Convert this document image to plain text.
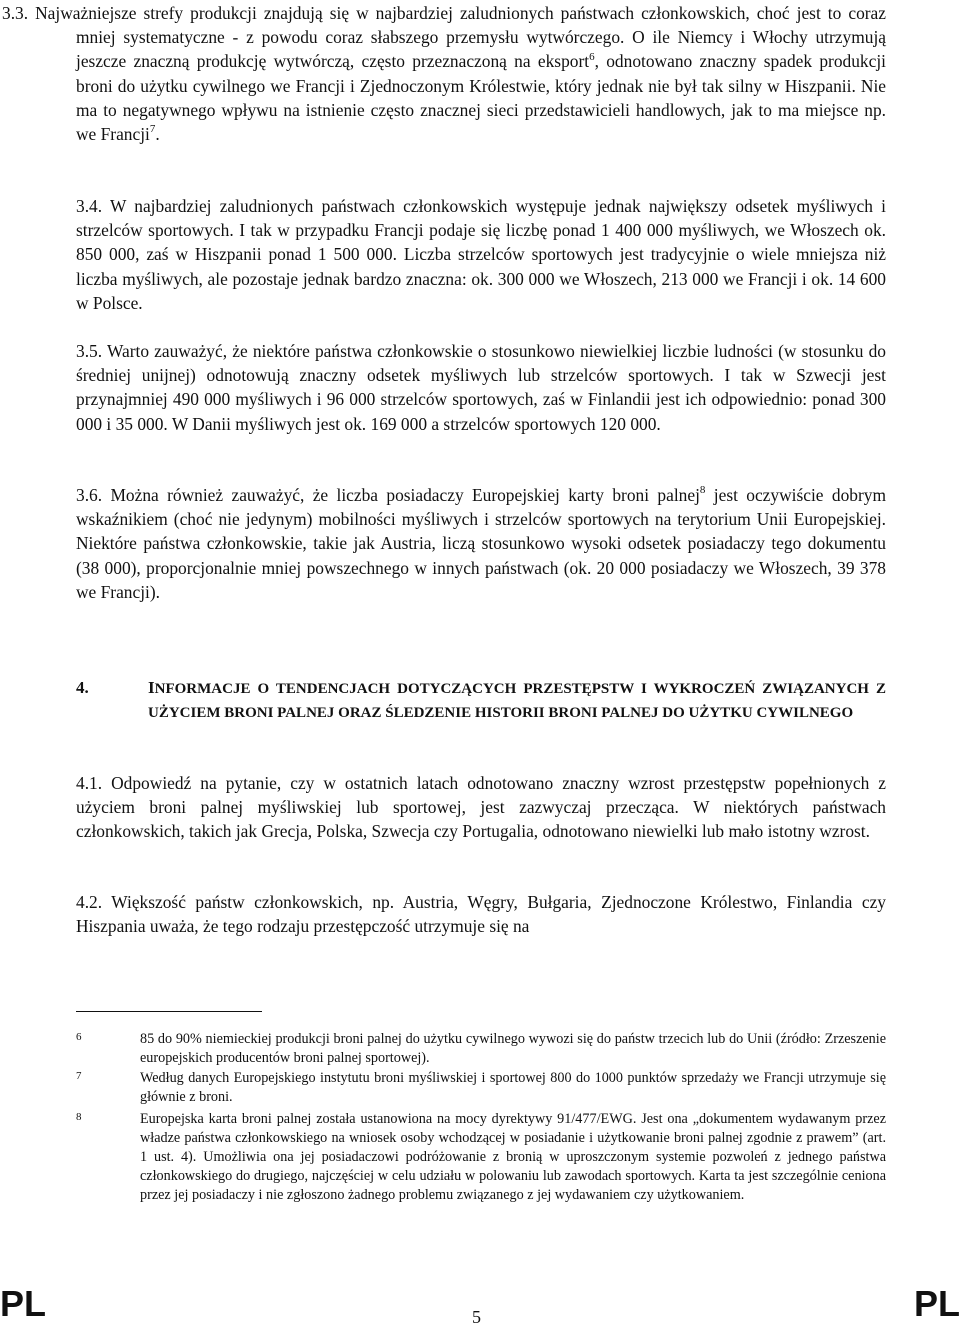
3.3. Najważniejsze strefy produkcji znajdują się w najbardziej zaludnionych państwach członkowskich, choć jest to coraz mniej systematyczne - z powodu coraz słabszego przemysłu wytwórczego. O ile Niemcy i Włochy utrzymują jeszcze znaczną produkcję wytwórczą, często przeznaczoną na eksport$^6$, odnotowano znaczny spadek produkcji broni do użytku cywilnego we Francji i Zjednoczonym Królestwie, który jednak nie był tak silny w Hiszpanii. Nie ma to negatywnego wpływu na istnienie często znacznej sieci przedstawicieli handlowych, jak to ma miejsce np. we Francji$^7$.

3.4. W najbardziej zaludnionych państwach członkowskich występuje jednak największy odsetek myśliwych i strzelców sportowych. I tak w przypadku Francji podaje się liczbę ponad 1 400 000 myśliwych, we Włoszech ok. 850 000, zaś w Hiszpanii ponad 1 500 000. Liczba strzelców sportowych jest tradycyjnie o wiele mniejsza niż liczba myśliwych, ale pozostaje jednak bardzo znaczna: ok. 300 000 we Włoszech, 213 000 we Francji i ok. 14 600 w Polsce.

3.5. Warto zauważyć, że niektóre państwa członkowskie o stosunkowo niewielkiej liczbie ludności (w stosunku do średniej unijnej) odnotowują znaczny odsetek myśliwych lub strzelców sportowych. I tak w Szwecji jest przynajmniej 490 000 myśliwych i 96 000 strzelców sportowych, zaś w Finlandii jest ich odpowiednio: ponad 300 000 i 35 000. W Danii myśliwych jest ok. 169 000 a strzelców sportowych 120 000.

3.6. Można również zauważyć, że liczba posiadaczy Europejskiej karty broni palnej$^8$ jest oczywiście dobrym wskaźnikiem (choć nie jedynym) mobilności myśliwych i strzelców sportowych na terytorium Unii Europejskiej. Niektóre państwa członkowskie, takie jak Austria, liczą stosunkowo wysoki odsetek posiadaczy tego dokumentu (38 000), proporcjonalnie mniej powszechnego w innych państwach (ok. 20 000 posiadaczy we Włoszech, 39 378 we Francji).

4.	INFORMACJE O TENDENCJACH DOTYCZĄCYCH PRZESTĘPSTW I WYKROCZEŃ ZWIĄZANYCH Z UŻYCIEM BRONI PALNEJ ORAZ ŚLEDZENIE HISTORII BRONI PALNEJ DO UŻYTKU CYWILNEGO

4.1. Odpowiedź na pytanie, czy w ostatnich latach odnotowano znaczny wzrost przestępstw popełnionych z użyciem broni palnej myśliwskiej lub sportowej, jest zazwyczaj przecząca. W niektórych państwach członkowskich, takich jak Grecja, Polska, Szwecja czy Portugalia, odnotowano niewielki lub mało istotny wzrost.

4.2. Większość państw członkowskich, np. Austria, Węgry, Bułgaria, Zjednoczone Królestwo, Finlandia czy Hiszpania uważa, że tego rodzaju przestępczość utrzymuje się na

6	85 do 90% niemieckiej produkcji broni palnej do użytku cywilnego wywozi się do państw trzecich lub do Unii (źródło: Zrzeszenie europejskich producentów broni palnej sportowej).
7	Według danych Europejskiego instytutu broni myśliwskiej i sportowej 800 do 1000 punktów sprzedaży we Francji utrzymuje się głównie z broni.
8	Europejska karta broni palnej została ustanowiona na mocy dyrektywy 91/477/EWG. Jest ona „dokumentem wydawanym przez władze państwa członkowskiego na wniosek osoby wchodzącej w posiadanie i użytkowanie broni palnej zgodnie z prawem” (art. 1 ust. 4). Umożliwia ona jej posiadaczowi podróżowanie z bronią w uproszczonym systemie pozwoleń z jednego państwa członkowskiego do drugiego, najczęściej w celu udziału w polowaniu lub zawodach sportowych. Karta ta jest szczególnie ceniona przez jej posiadaczy i nie zgłoszono żadnego problemu związanego z jej wydawaniem czy użytkowaniem.
PL	5	PL
